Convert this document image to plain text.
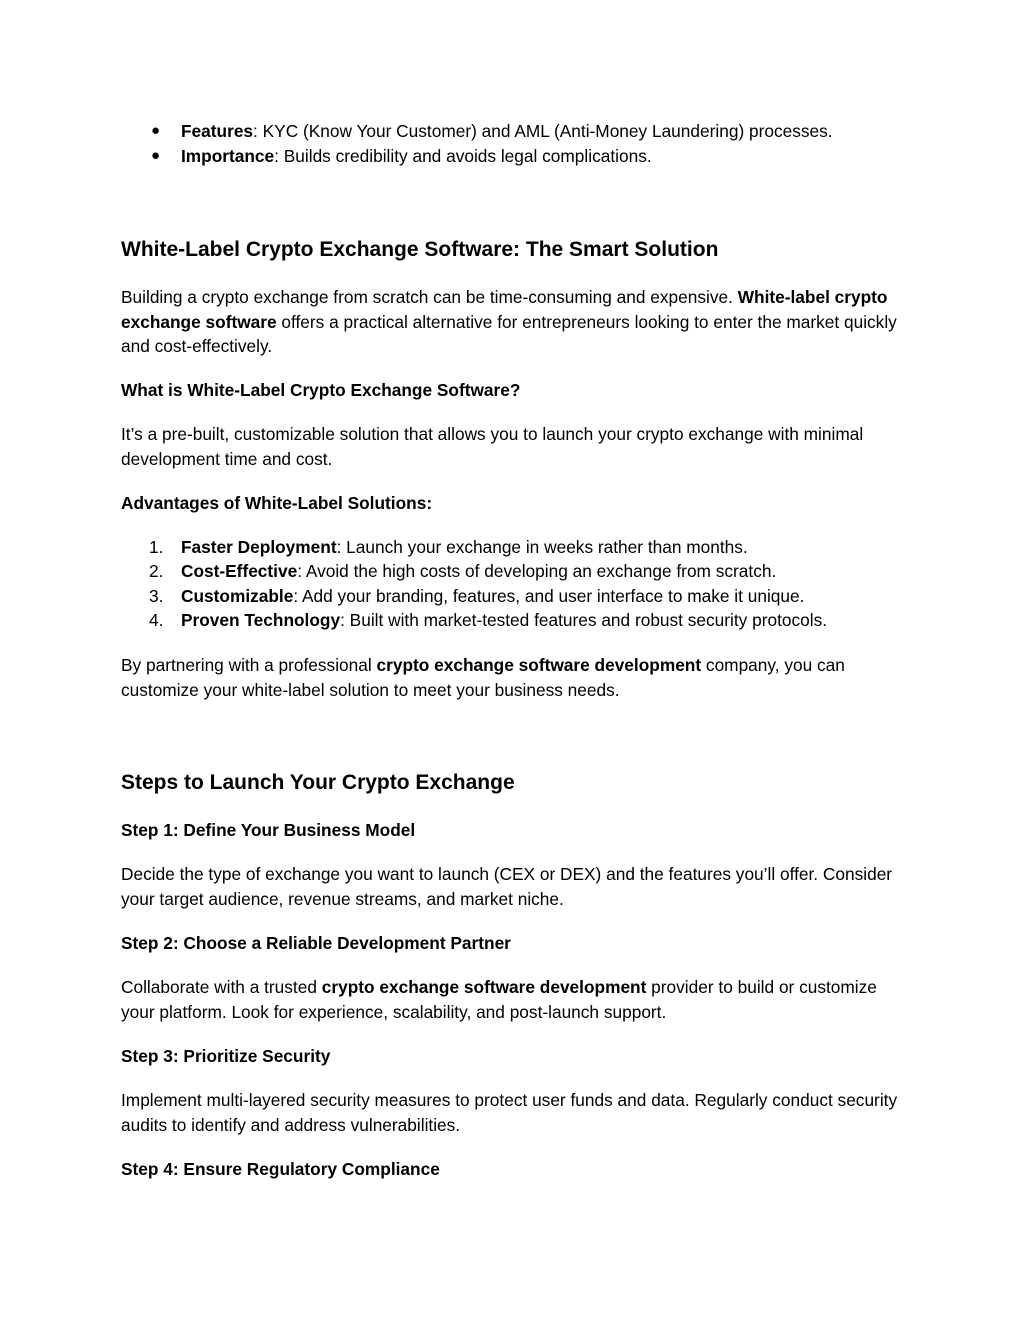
●	Features: KYC (Know Your Customer) and AML (Anti-Money Laundering) processes.
●	Importance: Builds credibility and avoids legal complications.
White-Label Crypto Exchange Software: The Smart Solution

Building a crypto exchange from scratch can be time-consuming and expensive. White-label crypto exchange software offers a practical alternative for entrepreneurs looking to enter the market quickly and cost-effectively.

What is White-Label Crypto Exchange Software?

It’s a pre-built, customizable solution that allows you to launch your crypto exchange with minimal development time and cost.

Advantages of White-Label Solutions:
1.	Faster Deployment: Launch your exchange in weeks rather than months.
2.	Cost-Effective: Avoid the high costs of developing an exchange from scratch.
3.	Customizable: Add your branding, features, and user interface to make it unique.
4.	Proven Technology: Built with market-tested features and robust security protocols.

By partnering with a professional crypto exchange software development company, you can customize your white-label solution to meet your business needs.

Steps to Launch Your Crypto Exchange
Step 1: Define Your Business Model

Decide the type of exchange you want to launch (CEX or DEX) and the features you’ll offer. Consider your target audience, revenue streams, and market niche.

Step 2: Choose a Reliable Development Partner

Collaborate with a trusted crypto exchange software development provider to build or customize your platform. Look for experience, scalability, and post-launch support.

Step 3: Prioritize Security

Implement multi-layered security measures to protect user funds and data. Regularly conduct security audits to identify and address vulnerabilities.

Step 4: Ensure Regulatory Compliance
